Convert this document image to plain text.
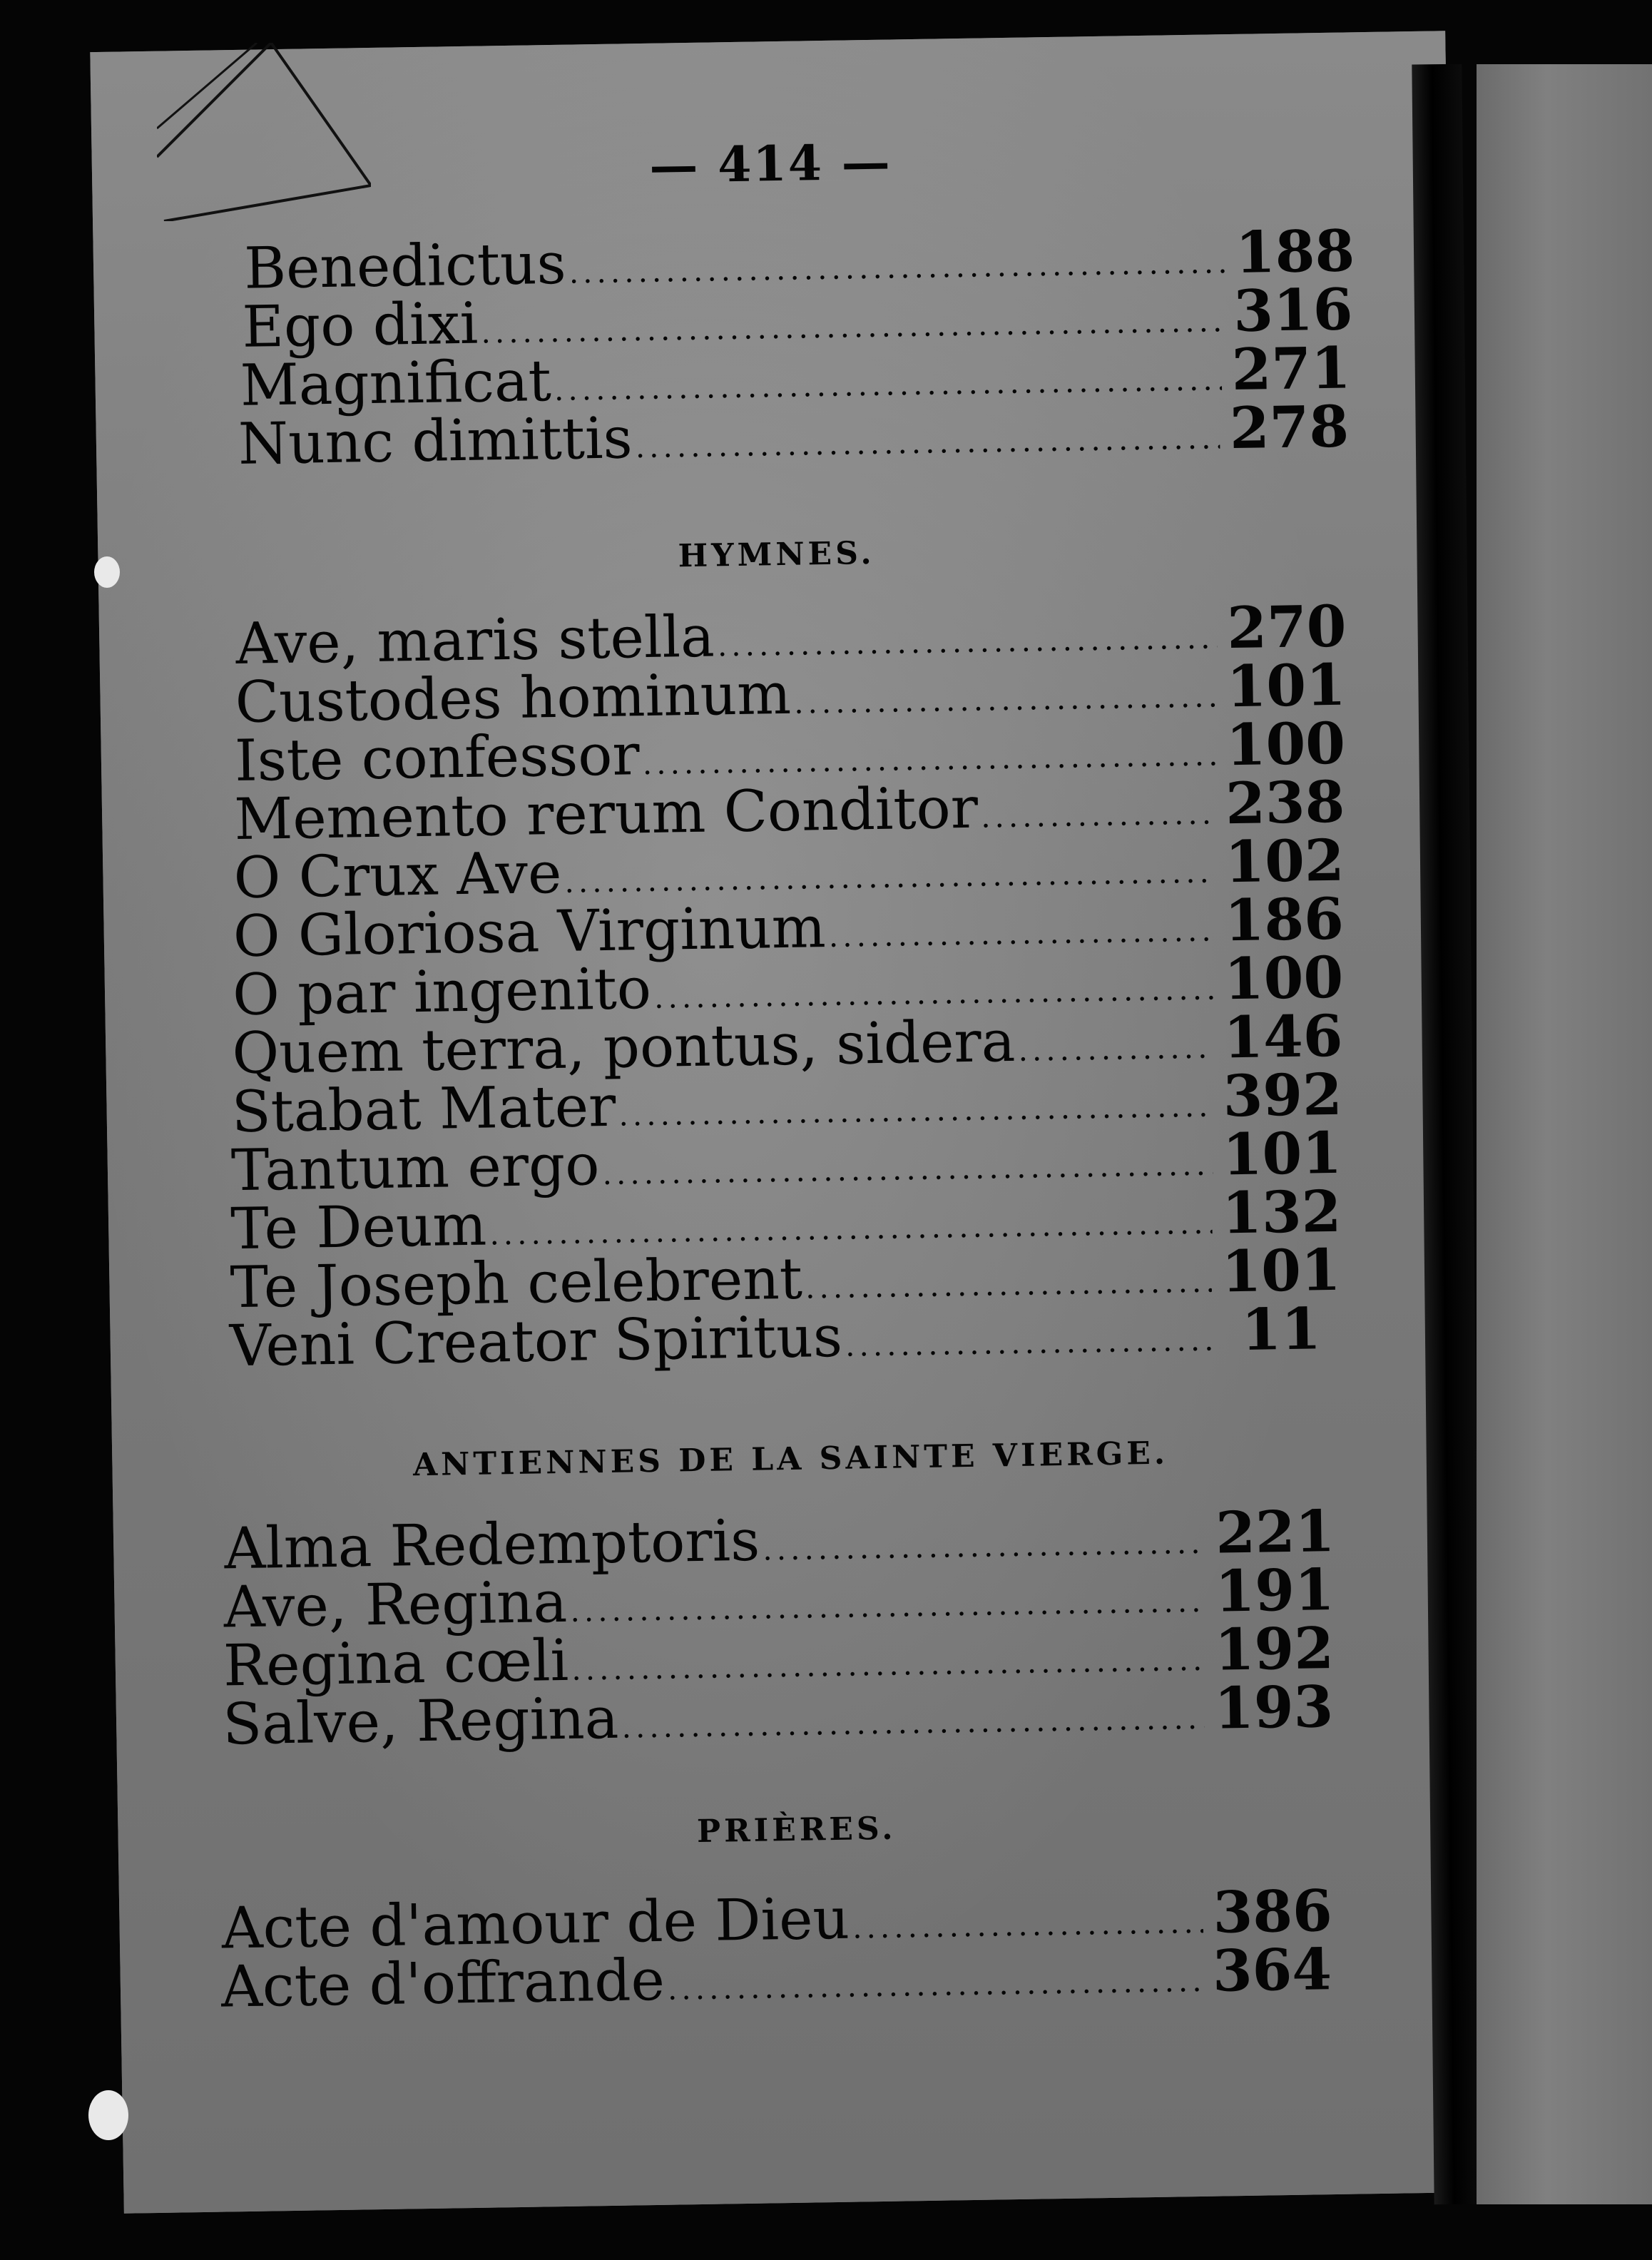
— 414 —
Benedictus .....	188
Ego dixi .....	316
Magnificat .....	271
Nunc dimittis .....	278
HYMNES.
Ave, maris stella .....	270
Custodes hominum .....	101
Iste confessor .....	100
Memento rerum Conditor .....	238
O Crux Ave .....	102
O Gloriosa Virginum .....	186
O par ingenito .....	100
Quem terra, pontus, sidera .....	146
Stabat Mater .....	392
Tantum ergo .....	101
Te Deum .....	132
Te Joseph celebrent .....	101
Veni Creator Spiritus .....	11
ANTIENNES DE LA SAINTE VIERGE.
Alma Redemptoris .....	221
Ave, Regina .....	191
Regina cœli .....	192
Salve, Regina .....	193
PRIÈRES.
Acte d'amour de Dieu .....	386
Acte d'offrande .....	364
